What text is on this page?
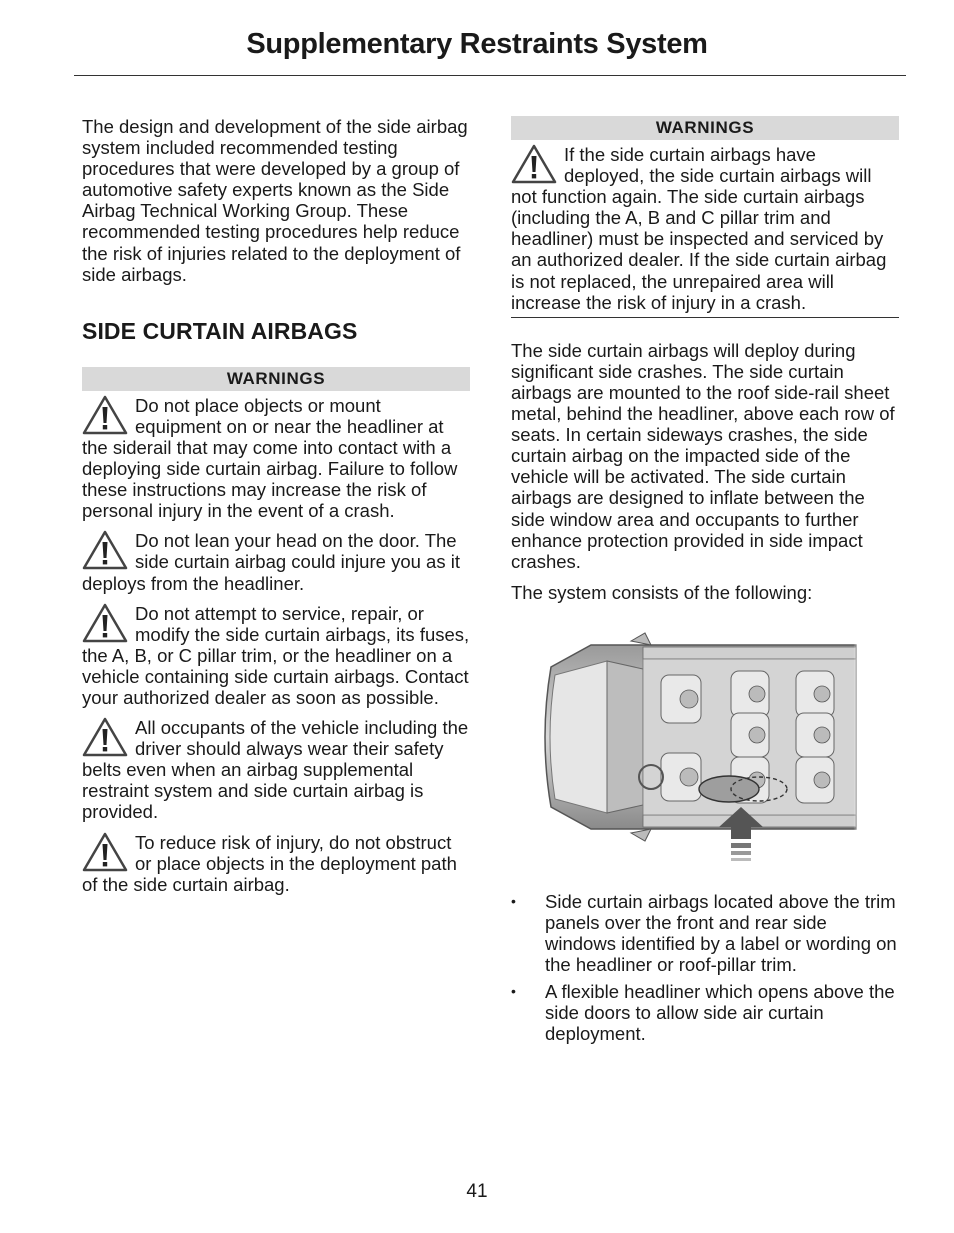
Supplementary Restraints System

The design and development of the side airbag system included recommended testing procedures that were developed by a group of automotive safety experts known as the Side Airbag Technical Working Group. These recommended testing procedures help reduce the risk of injuries related to the deployment of side airbags.

SIDE CURTAIN AIRBAGS
WARNINGS
Do not place objects or mount equipment on or near the headliner at the siderail that may come into contact with a deploying side curtain airbag. Failure to follow these instructions may increase the risk of personal injury in the event of a crash.
Do not lean your head on the door. The side curtain airbag could injure you as it deploys from the headliner.
Do not attempt to service, repair, or modify the side curtain airbags, its fuses, the A, B, or C pillar trim, or the headliner on a vehicle containing side curtain airbags. Contact your authorized dealer as soon as possible.
All occupants of the vehicle including the driver should always wear their safety belts even when an airbag supplemental restraint system and side curtain airbag is provided.
To reduce risk of injury, do not obstruct or place objects in the deployment path of the side curtain airbag.
WARNINGS
If the side curtain airbags have deployed, the side curtain airbags will not function again. The side curtain airbags (including the A, B and C pillar trim and headliner) must be inspected and serviced by an authorized dealer. If the side curtain airbag is not replaced, the unrepaired area will increase the risk of injury in a crash.

The side curtain airbags will deploy during significant side crashes. The side curtain airbags are mounted to the roof side-rail sheet metal, behind the headliner, above each row of seats. In certain sideways crashes, the side curtain airbag on the impacted side of the vehicle will be activated. The side curtain airbags are designed to inflate between the side window area and occupants to further enhance protection provided in side impact crashes.

The system consists of the following:

• Side curtain airbags located above the trim panels over the front and rear side windows identified by a label or wording on the headliner or roof-pillar trim.
• A flexible headliner which opens above the side doors to allow side air curtain deployment.
41
